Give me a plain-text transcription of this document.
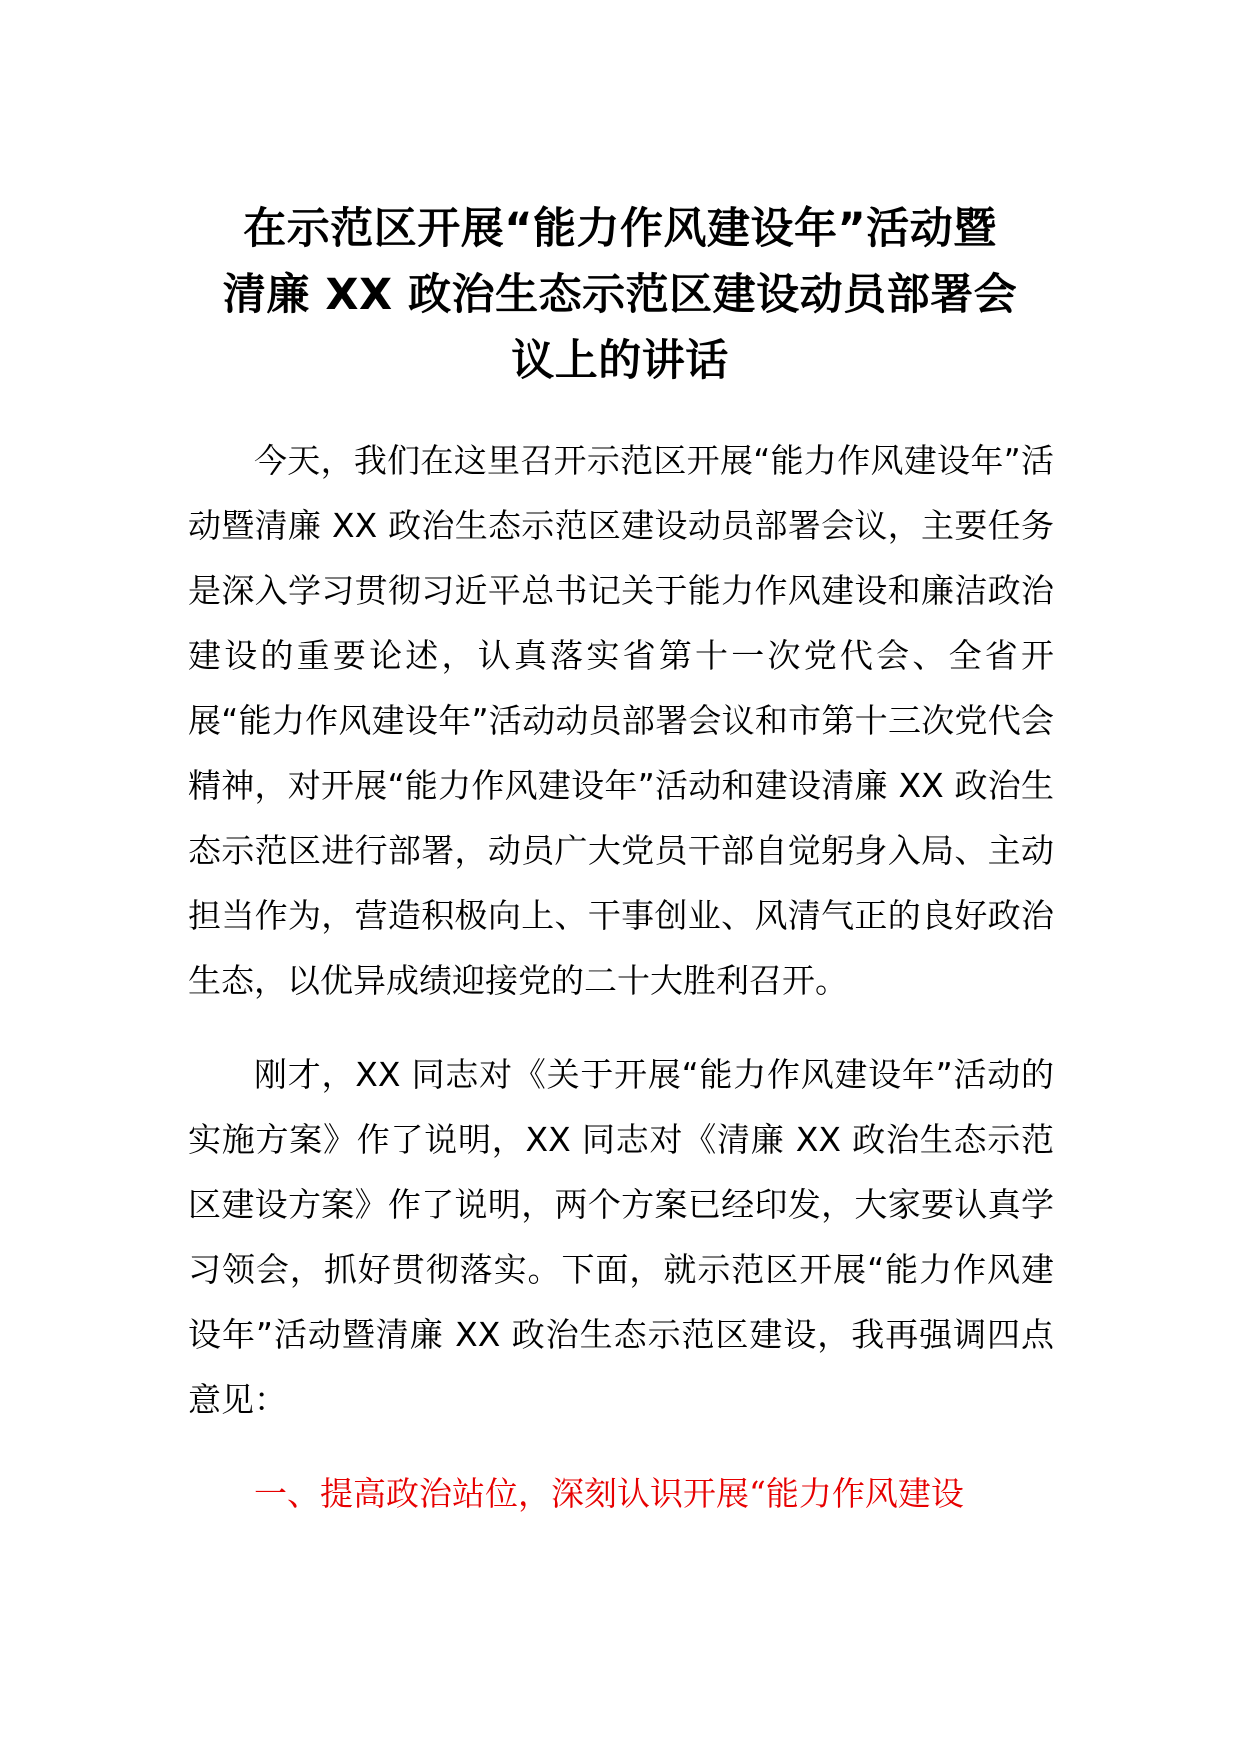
在示范区开展“能力作风建设年”活动暨
清廉 XX 政治生态示范区建设动员部署会
议上的讲话

今天，我们在这里召开示范区开展“能力作风建设年”活动暨清廉 XX 政治生态示范区建设动员部署会议，主要任务是深入学习贯彻习近平总书记关于能力作风建设和廉洁政治建设的重要论述，认真落实省第十一次党代会、全省开展“能力作风建设年”活动动员部署会议和市第十三次党代会精神，对开展“能力作风建设年”活动和建设清廉 XX 政治生态示范区进行部署，动员广大党员干部自觉躬身入局、主动担当作为，营造积极向上、干事创业、风清气正的良好政治生态，以优异成绩迎接党的二十大胜利召开。

刚才，XX 同志对《关于开展“能力作风建设年”活动的实施方案》作了说明，XX 同志对《清廉 XX 政治生态示范区建设方案》作了说明，两个方案已经印发，大家要认真学习领会，抓好贯彻落实。下面，就示范区开展“能力作风建设年”活动暨清廉 XX 政治生态示范区建设，我再强调四点意见：

一、提高政治站位，深刻认识开展“能力作风建设
